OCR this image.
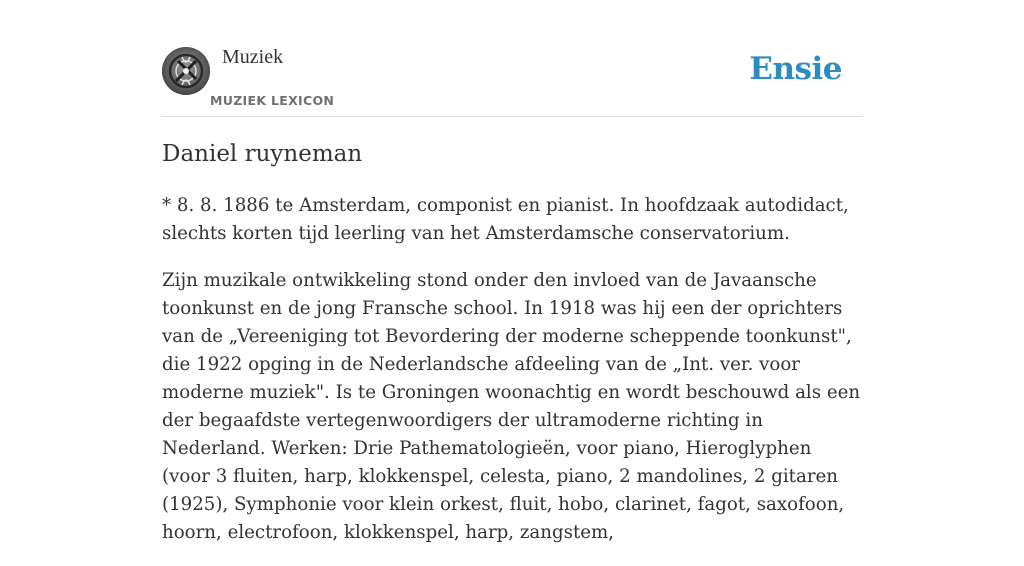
Muziek
MUZIEK LEXICON
Ensie
Daniel ruyneman

* 8. 8. 1886 te Amsterdam, componist en pianist. In hoofdzaak autodidact, slechts korten tijd leerling van het Amsterdamsche conservatorium.

Zijn muzikale ontwikkeling stond onder den invloed van de Javaansche toonkunst en de jong Fransche school. In 1918 was hij een der oprichters van de „Vereeniging tot Bevordering der moderne scheppende toonkunst", die 1922 opging in de Nederlandsche afdeeling van de „Int. ver. voor moderne muziek". Is te Groningen woonachtig en wordt beschouwd als een der begaafdste vertegenwoordigers der ultramoderne richting in Nederland. Werken: Drie Pathematologieën, voor piano, Hieroglyphen (voor 3 fluiten, harp, klokkenspel, celesta, piano, 2 mandolines, 2 gitaren (1925), Symphonie voor klein orkest, fluit, hobo, clarinet, fagot, saxofoon, hoorn, electrofoon, klokkenspel, harp, zangstem,
